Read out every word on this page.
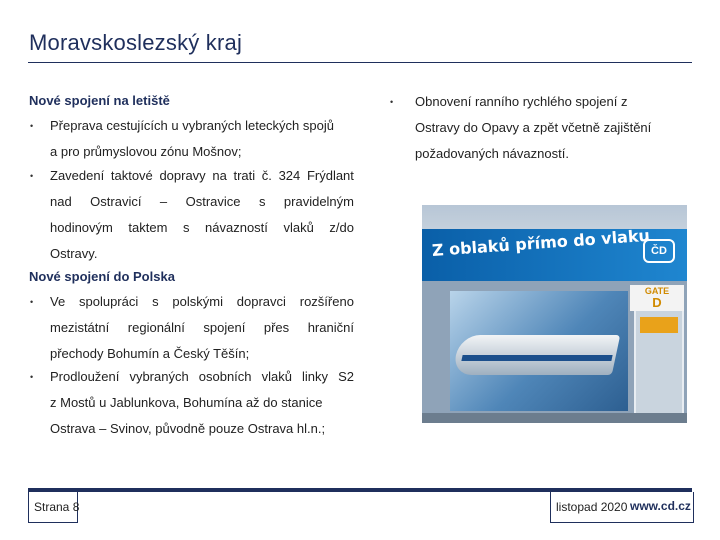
Moravskoslezský kraj
Nové spojení na letiště
• Přeprava cestujících u vybraných leteckých spojů
a pro průmyslovou zónu Mošnov;
• Zavedení taktové dopravy na trati č. 324 Frýdlant
nad Ostravicí – Ostravice s pravidelným
hodinovým taktem s návazností vlaků z/do
Ostravy.
Nové spojení do Polska
• Ve spolupráci s polskými dopravci rozšířeno
mezistátní regionální spojení přes hraniční
přechody Bohumín a Český Těšín;
• Prodloužení vybraných osobních vlaků linky S2
z Mostů u Jablunkova, Bohumína až do stanice
Ostrava – Svinov, původně pouze Ostrava hl.n.;
• Obnovení ranního rychlého spojení z
Ostravy do Opavy a zpět včetně zajištění
požadovaných návazností.
Z oblaků přímo do vlaku ČD
GATE
D
Strana 8	listopad 2020 www.cd.cz
